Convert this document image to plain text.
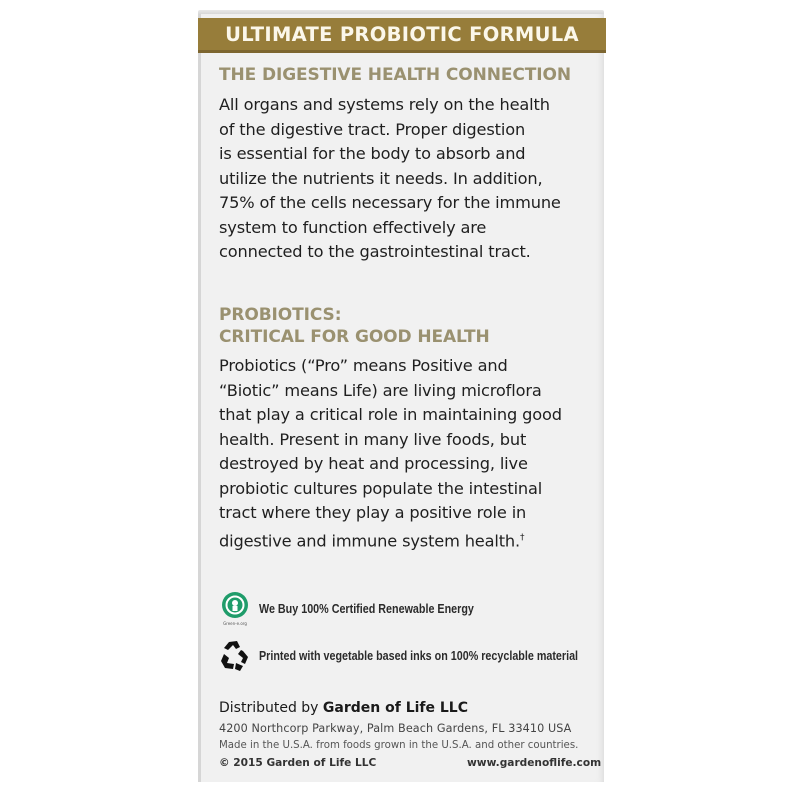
ULTIMATE PROBIOTIC FORMULA
THE DIGESTIVE HEALTH CONNECTION
All organs and systems rely on the health
of the digestive tract. Proper digestion
is essential for the body to absorb and
utilize the nutrients it needs. In addition,
75% of the cells necessary for the immune
system to function effectively are
connected to the gastrointestinal tract.
PROBIOTICS:
CRITICAL FOR GOOD HEALTH
Probiotics (“Pro” means Positive and
“Biotic” means Life) are living microflora
that play a critical role in maintaining good
health. Present in many live foods, but
destroyed by heat and processing, live
probiotic cultures populate the intestinal
tract where they play a positive role in
digestive and immune system health.†
Green-e.org
We Buy 100% Certified Renewable Energy
Printed with vegetable based inks on 100% recyclable material
Distributed by Garden of Life LLC
4200 Northcorp Parkway, Palm Beach Gardens, FL 33410 USA
Made in the U.S.A. from foods grown in the U.S.A. and other countries.
© 2015 Garden of Life LLC	www.gardenoflife.com
